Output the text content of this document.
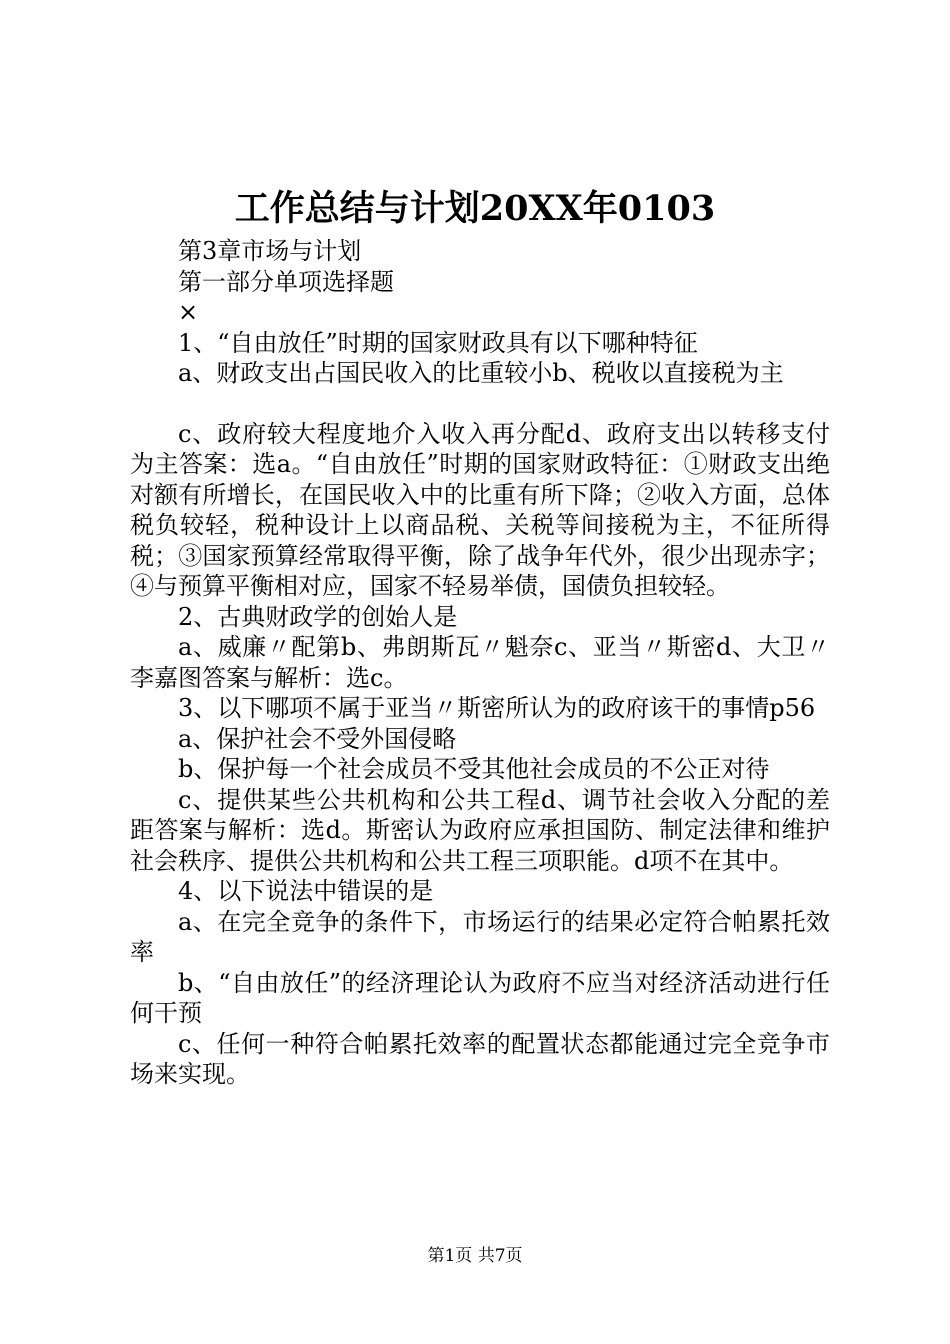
工作总结与计划20XX年0103

第3章市场与计划

第一部分单项选择题

×

1、“自由放任”时期的国家财政具有以下哪种特征

a、财政支出占国民收入的比重较小b、税收以直接税为主

c、政府较大程度地介入收入再分配d、政府支出以转移支付为主答案：选a。“自由放任”时期的国家财政特征：①财政支出绝对额有所增长，在国民收入中的比重有所下降；②收入方面，总体税负较轻，税种设计上以商品税、关税等间接税为主，不征所得税；③国家预算经常取得平衡，除了战争年代外，很少出现赤字；④与预算平衡相对应，国家不轻易举债，国债负担较轻。

2、古典财政学的创始人是

a、威廉〃配第b、弗朗斯瓦〃魁奈c、亚当〃斯密d、大卫〃李嘉图答案与解析：选c。

3、以下哪项不属于亚当〃斯密所认为的政府该干的事情p56

a、保护社会不受外国侵略

b、保护每一个社会成员不受其他社会成员的不公正对待

c、提供某些公共机构和公共工程d、调节社会收入分配的差距答案与解析：选d。斯密认为政府应承担国防、制定法律和维护社会秩序、提供公共机构和公共工程三项职能。d项不在其中。

4、以下说法中错误的是

a、在完全竞争的条件下，市场运行的结果必定符合帕累托效率

b、“自由放任”的经济理论认为政府不应当对经济活动进行任何干预

c、任何一种符合帕累托效率的配置状态都能通过完全竞争市场来实现。

第1页 共7页
